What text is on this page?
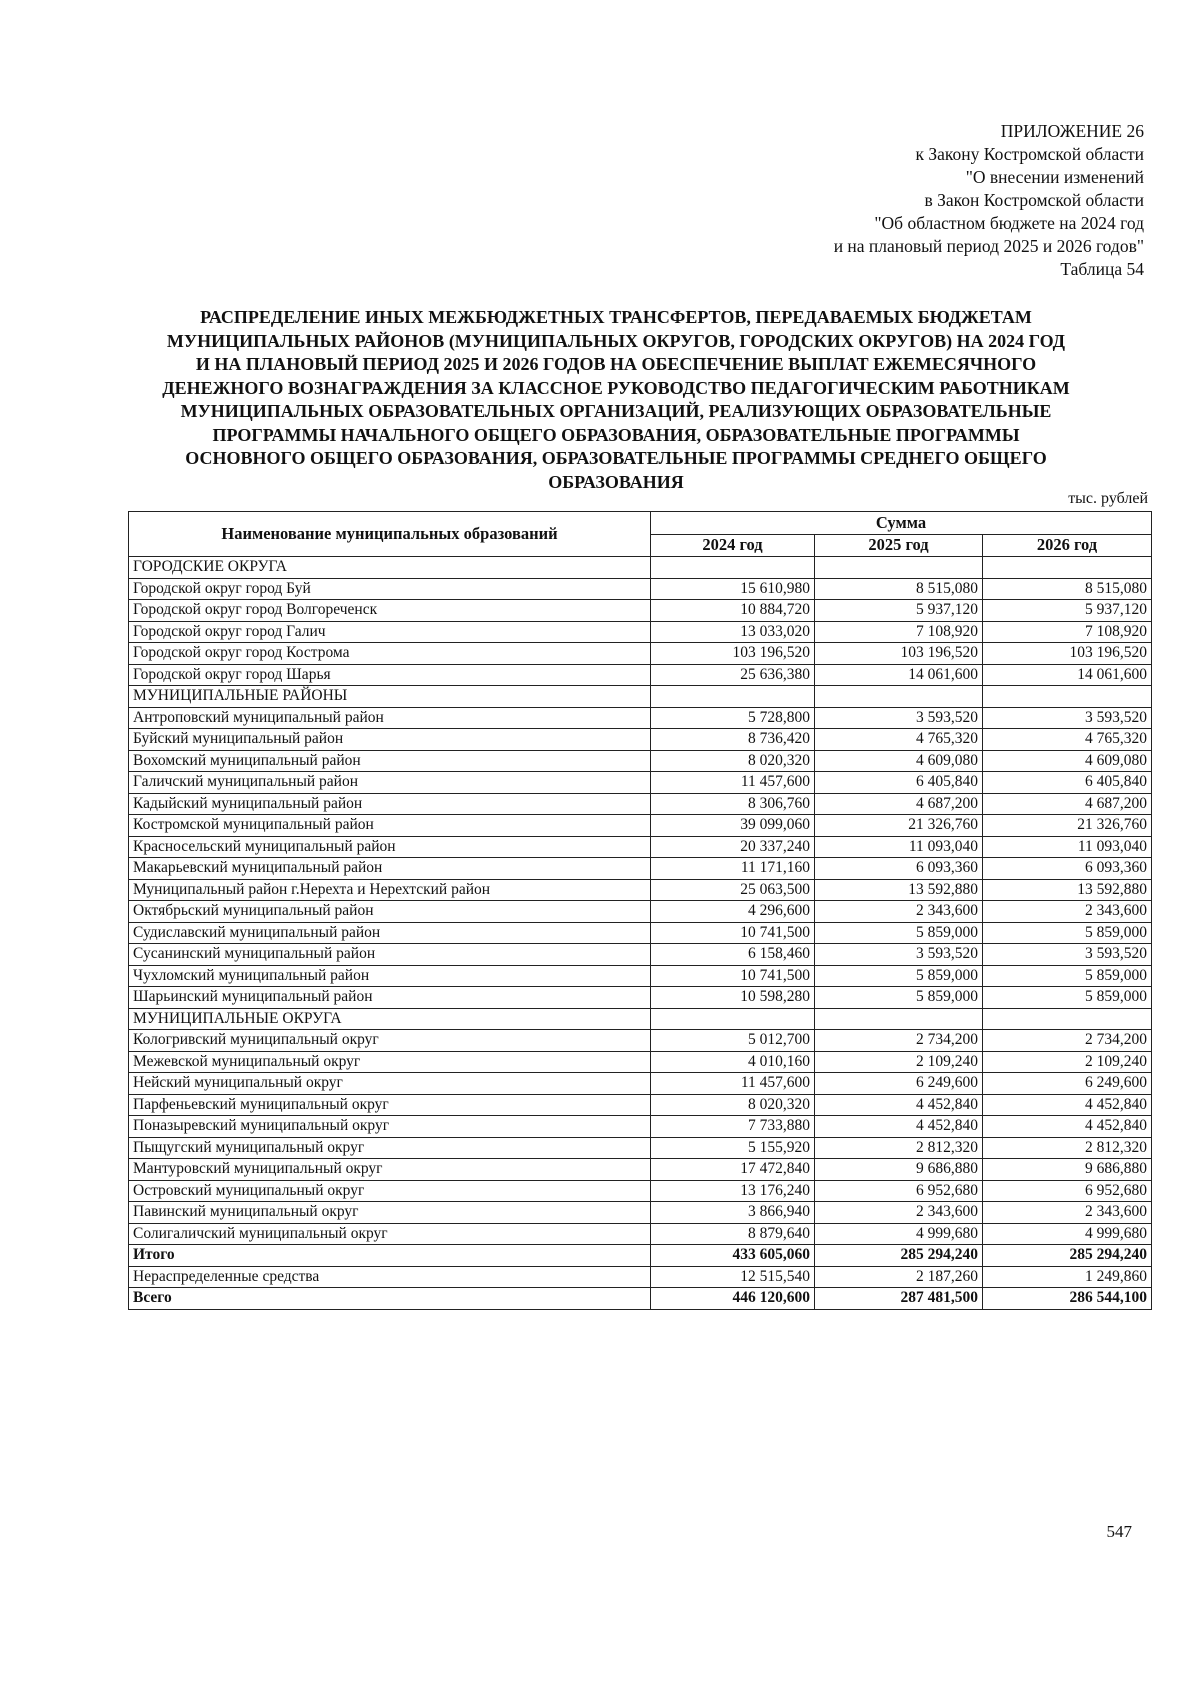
ПРИЛОЖЕНИЕ 26
к Закону Костромской области
"О внесении изменений
в Закон Костромской области
"Об областном бюджете на 2024 год
и на плановый период 2025 и 2026 годов"
Таблица 54
РАСПРЕДЕЛЕНИЕ ИНЫХ МЕЖБЮДЖЕТНЫХ ТРАНСФЕРТОВ, ПЕРЕДАВАЕМЫХ БЮДЖЕТАМ
МУНИЦИПАЛЬНЫХ РАЙОНОВ (МУНИЦИПАЛЬНЫХ ОКРУГОВ, ГОРОДСКИХ ОКРУГОВ) НА 2024 ГОД
И НА ПЛАНОВЫЙ ПЕРИОД 2025 И 2026 ГОДОВ НА ОБЕСПЕЧЕНИЕ ВЫПЛАТ ЕЖЕМЕСЯЧНОГО
ДЕНЕЖНОГО ВОЗНАГРАЖДЕНИЯ ЗА КЛАССНОЕ РУКОВОДСТВО ПЕДАГОГИЧЕСКИМ РАБОТНИКАМ
МУНИЦИПАЛЬНЫХ ОБРАЗОВАТЕЛЬНЫХ ОРГАНИЗАЦИЙ, РЕАЛИЗУЮЩИХ ОБРАЗОВАТЕЛЬНЫЕ
ПРОГРАММЫ НАЧАЛЬНОГО ОБЩЕГО ОБРАЗОВАНИЯ, ОБРАЗОВАТЕЛЬНЫЕ ПРОГРАММЫ
ОСНОВНОГО ОБЩЕГО ОБРАЗОВАНИЯ, ОБРАЗОВАТЕЛЬНЫЕ ПРОГРАММЫ СРЕДНЕГО ОБЩЕГО
ОБРАЗОВАНИЯ
тыс. рублей
Наименование муниципальных образований	Сумма		
	2024 год	2025 год	2026 год
ГОРОДСКИЕ ОКРУГА			
Городской округ город Буй	15 610,980	8 515,080	8 515,080
Городской округ город Волгореченск	10 884,720	5 937,120	5 937,120
Городской округ город Галич	13 033,020	7 108,920	7 108,920
Городской округ город Кострома	103 196,520	103 196,520	103 196,520
Городской округ город Шарья	25 636,380	14 061,600	14 061,600
МУНИЦИПАЛЬНЫЕ РАЙОНЫ			
Антроповский муниципальный район	5 728,800	3 593,520	3 593,520
Буйский муниципальный район	8 736,420	4 765,320	4 765,320
Вохомский муниципальный район	8 020,320	4 609,080	4 609,080
Галичский муниципальный район	11 457,600	6 405,840	6 405,840
Кадыйский муниципальный район	8 306,760	4 687,200	4 687,200
Костромской муниципальный район	39 099,060	21 326,760	21 326,760
Красносельский муниципальный район	20 337,240	11 093,040	11 093,040
Макарьевский муниципальный район	11 171,160	6 093,360	6 093,360
Муниципальный район г.Нерехта и Нерехтский район	25 063,500	13 592,880	13 592,880
Октябрьский муниципальный район	4 296,600	2 343,600	2 343,600
Судиславский муниципальный район	10 741,500	5 859,000	5 859,000
Сусанинский муниципальный район	6 158,460	3 593,520	3 593,520
Чухломский муниципальный район	10 741,500	5 859,000	5 859,000
Шарьинский муниципальный район	10 598,280	5 859,000	5 859,000
МУНИЦИПАЛЬНЫЕ ОКРУГА			
Кологривский муниципальный округ	5 012,700	2 734,200	2 734,200
Межевской муниципальный округ	4 010,160	2 109,240	2 109,240
Нейский муниципальный округ	11 457,600	6 249,600	6 249,600
Парфеньевский муниципальный округ	8 020,320	4 452,840	4 452,840
Поназыревский муниципальный округ	7 733,880	4 452,840	4 452,840
Пыщугский муниципальный округ	5 155,920	2 812,320	2 812,320
Мантуровский муниципальный округ	17 472,840	9 686,880	9 686,880
Островский муниципальный округ	13 176,240	6 952,680	6 952,680
Павинский муниципальный округ	3 866,940	2 343,600	2 343,600
Солигаличский муниципальный округ	8 879,640	4 999,680	4 999,680
Итого	433 605,060	285 294,240	285 294,240
Нераспределенные средства	12 515,540	2 187,260	1 249,860
Всего	446 120,600	287 481,500	286 544,100
547
